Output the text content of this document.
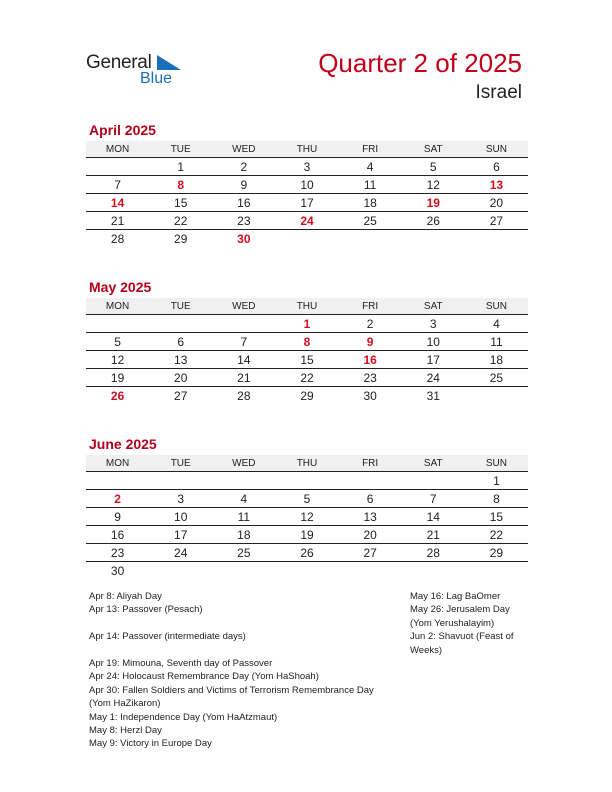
General
Blue
Quarter 2 of 2025
Israel
April 2025
MON	TUE	WED	THU	FRI	SAT	SUN
	1	2	3	4	5	6
7	8	9	10	11	12	13
14	15	16	17	18	19	20
21	22	23	24	25	26	27
28	29	30				
May 2025
MON	TUE	WED	THU	FRI	SAT	SUN
			1	2	3	4
5	6	7	8	9	10	11
12	13	14	15	16	17	18
19	20	21	22	23	24	25
26	27	28	29	30	31	
June 2025
MON	TUE	WED	THU	FRI	SAT	SUN
						1
2	3	4	5	6	7	8
9	10	11	12	13	14	15
16	17	18	19	20	21	22
23	24	25	26	27	28	29
30						
Apr 8: Aliyah Day
Apr 13: Passover (Pesach)

Apr 14: Passover (intermediate days)

Apr 19: Mimouna, Seventh day of Passover
Apr 24: Holocaust Remembrance Day (Yom HaShoah)
Apr 30: Fallen Soldiers and Victims of Terrorism Remembrance Day
(Yom HaZikaron)
May 1: Independence Day (Yom HaAtzmaut)
May 8: Herzl Day
May 9: Victory in Europe Day
May 16: Lag BaOmer
May 26: Jerusalem Day
(Yom Yerushalayim)
Jun 2: Shavuot (Feast of
Weeks)
